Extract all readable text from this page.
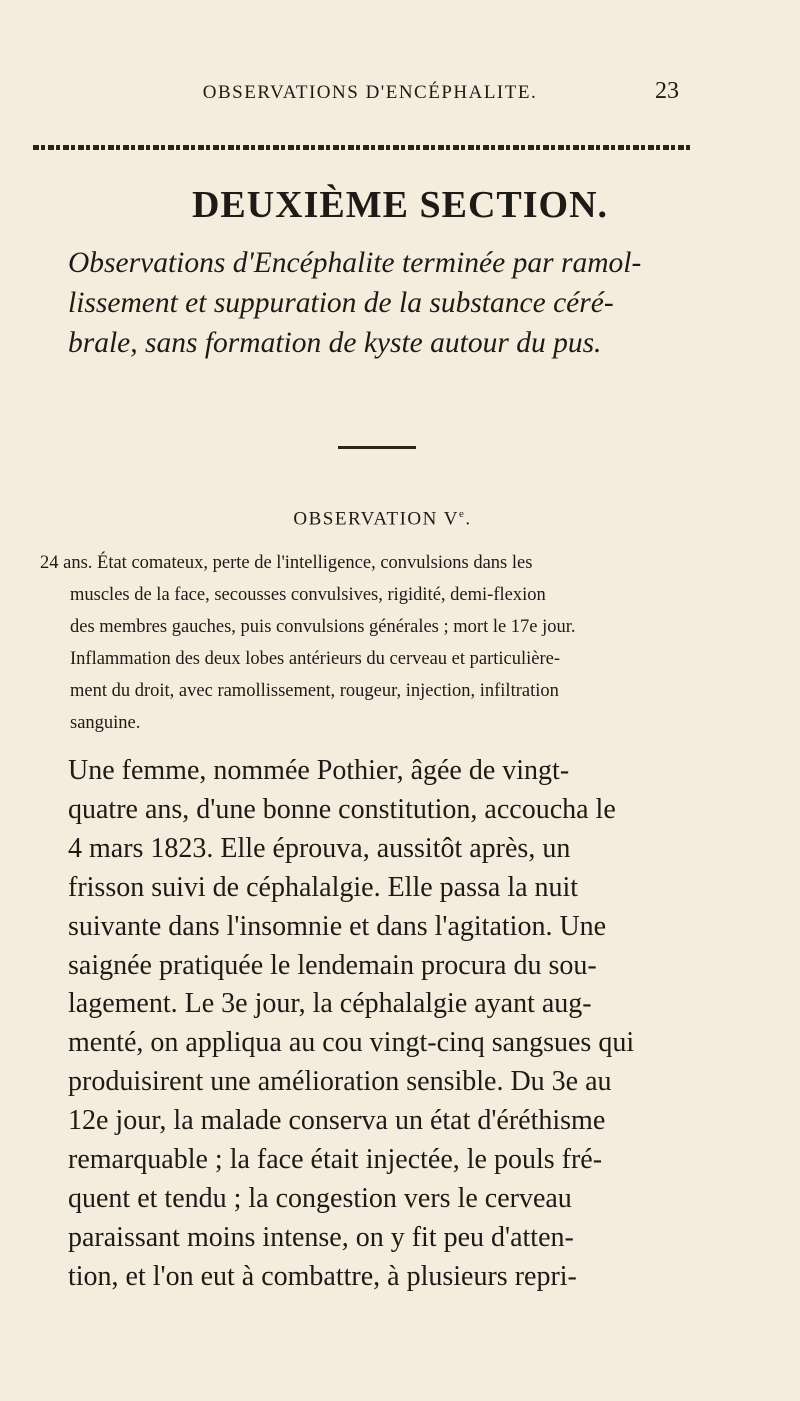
OBSERVATIONS D'ENCÉPHALITE.	23
DEUXIÈME SECTION.
Observations d'Encéphalite terminée par ramol-
lissement et suppuration de la substance céré-
brale, sans formation de kyste autour du pus.
OBSERVATION Ve.
24 ans. État comateux, perte de l'intelligence, convulsions dans les
muscles de la face, secousses convulsives, rigidité, demi-flexion
des membres gauches, puis convulsions générales ; mort le 17e jour.
Inflammation des deux lobes antérieurs du cerveau et particulière-
ment du droit, avec ramollissement, rougeur, injection, infiltration
sanguine.
Une femme, nommée Pothier, âgée de vingt-
quatre ans, d'une bonne constitution, accoucha le
4 mars 1823. Elle éprouva, aussitôt après, un
frisson suivi de céphalalgie. Elle passa la nuit
suivante dans l'insomnie et dans l'agitation. Une
saignée pratiquée le lendemain procura du sou-
lagement. Le 3e jour, la céphalalgie ayant aug-
menté, on appliqua au cou vingt-cinq sangsues qui
produisirent une amélioration sensible. Du 3e au
12e jour, la malade conserva un état d'éréthisme
remarquable ; la face était injectée, le pouls fré-
quent et tendu ; la congestion vers le cerveau
paraissant moins intense, on y fit peu d'atten-
tion, et l'on eut à combattre, à plusieurs repri-
